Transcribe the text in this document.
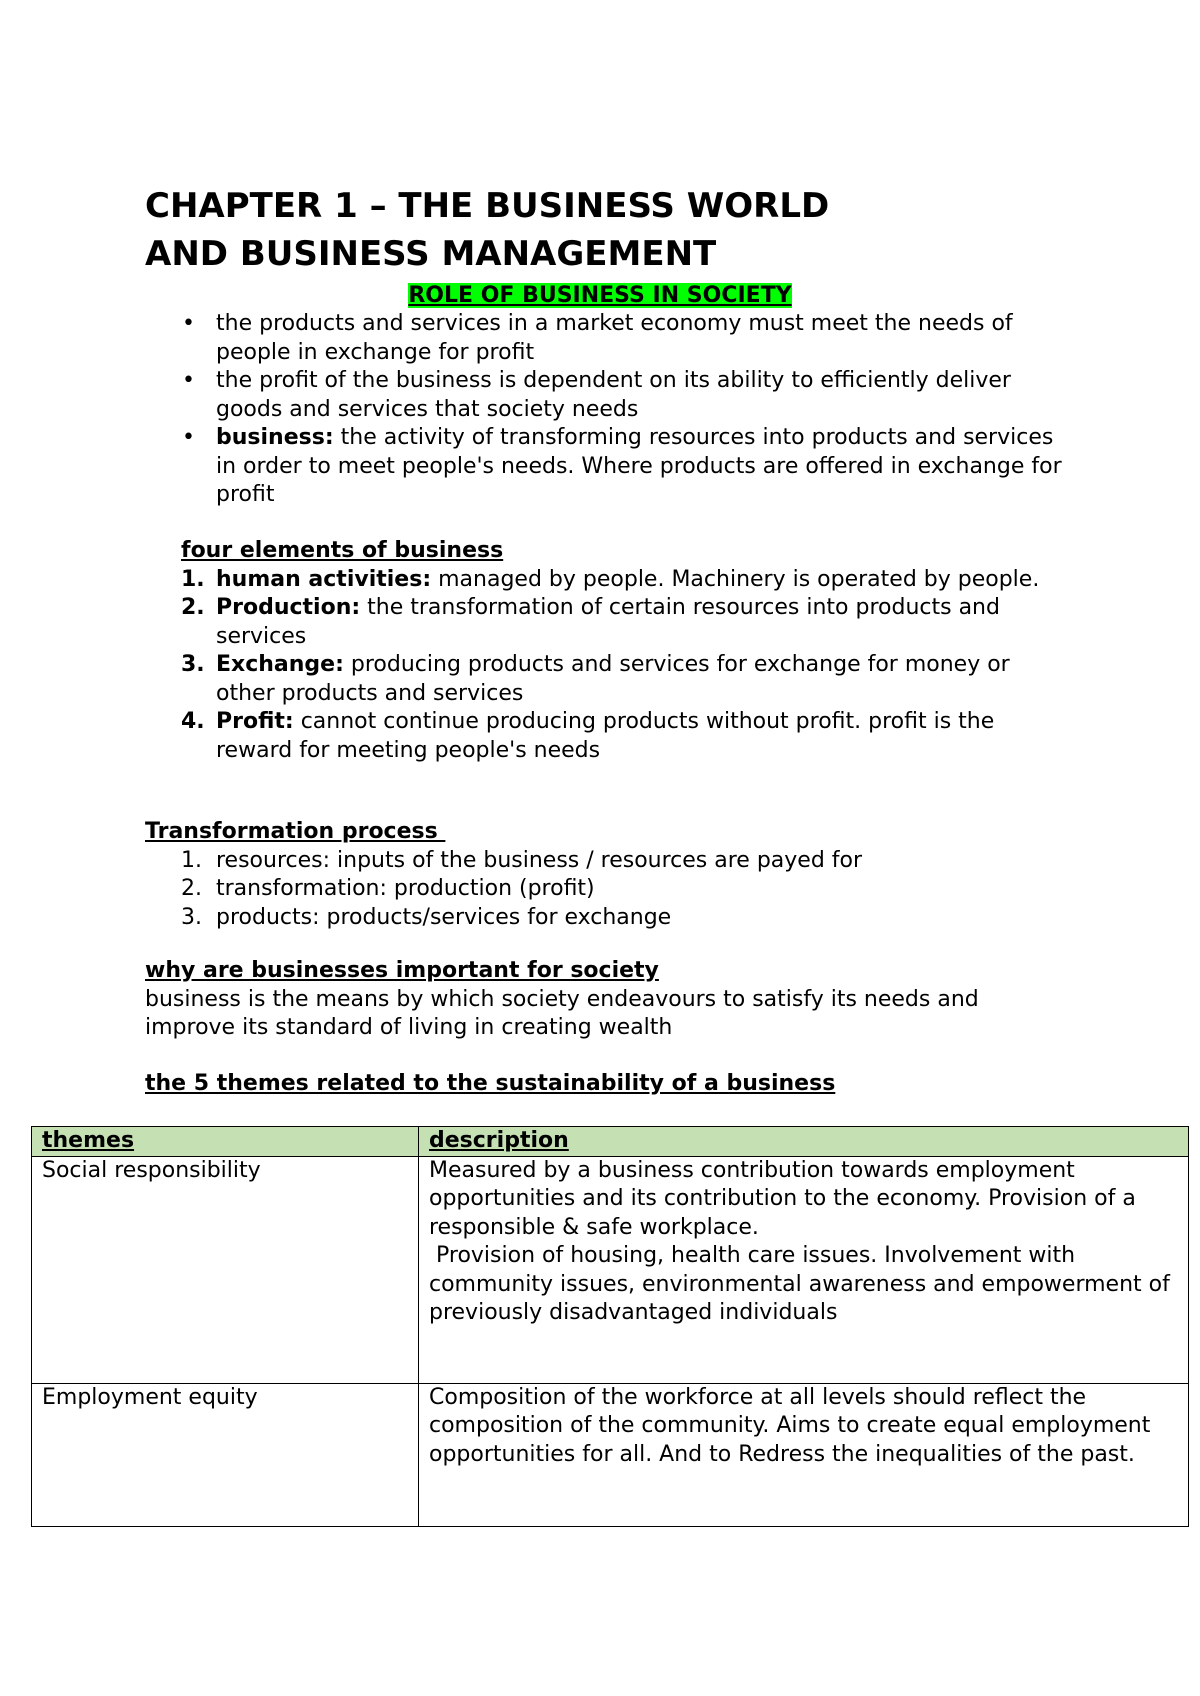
CHAPTER 1 – THE BUSINESS WORLD
AND BUSINESS MANAGEMENT
ROLE OF BUSINESS IN SOCIETY
• the products and services in a market economy must meet the needs of people in exchange for profit
• the profit of the business is dependent on its ability to efficiently deliver goods and services that society needs
• business: the activity of transforming resources into products and services in order to meet people's needs. Where products are offered in exchange for profit
four elements of business
1. human activities: managed by people. Machinery is operated by people.
2. Production: the transformation of certain resources into products and services
3. Exchange: producing products and services for exchange for money or other products and services
4. Profit: cannot continue producing products without profit. profit is the reward for meeting people's needs
Transformation process
1. resources: inputs of the business / resources are payed for
2. transformation: production (profit)
3. products: products/services for exchange
why are businesses important for society
business is the means by which society endeavours to satisfy its needs and improve its standard of living in creating wealth
the 5 themes related to the sustainability of a business
themes	description
Social responsibility	Measured by a business contribution towards employment opportunities and its contribution to the economy. Provision of a responsible & safe workplace.
Provision of housing, health care issues. Involvement with community issues, environmental awareness and empowerment of previously disadvantaged individuals

Employment equity	Composition of the workforce at all levels should reflect the composition of the community. Aims to create equal employment opportunities for all. And to Redress the inequalities of the past.
